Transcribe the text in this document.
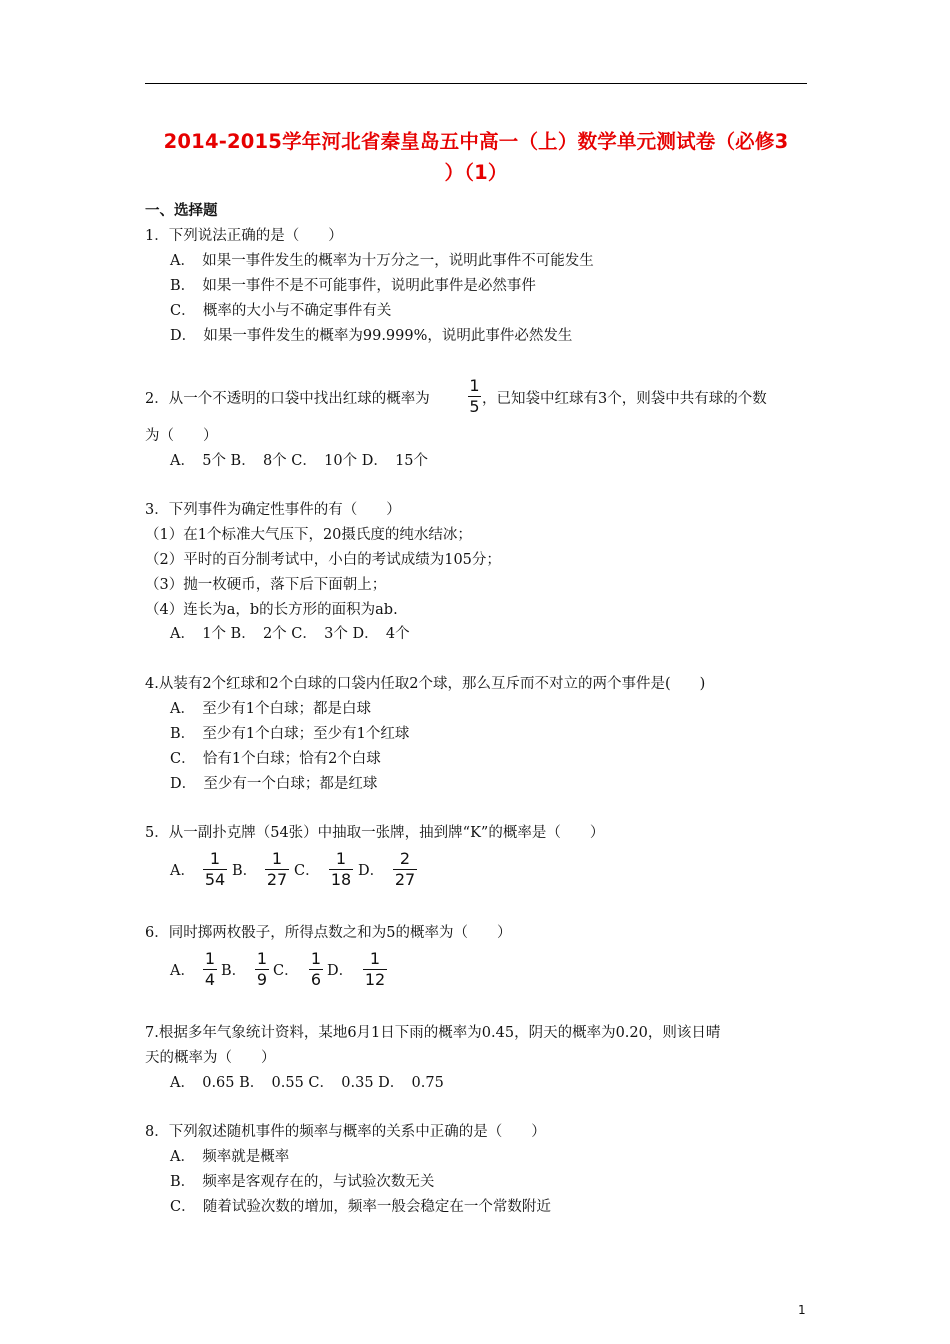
2014-2015学年河北省秦皇岛五中高一（上）数学单元测试卷（必修3
）（1）
一、选择题
1．下列说法正确的是（　　）
A．　如果一事件发生的概率为十万分之一，说明此事件不可能发生
B．　如果一事件不是不可能事件，说明此事件是必然事件
C．　概率的大小与不确定事件有关
D．　如果一事件发生的概率为99.999%，说明此事件必然发生
2．从一个不透明的口袋中找出红球的概率为
1
5 ，已知袋中红球有3个，则袋中共有球的个数
为（　　）
A．　5个 B．　8个 C．　10个 D．　15个
3．下列事件为确定性事件的有（　　）
（1）在1个标准大气压下，20摄氏度的纯水结冰；
（2）平时的百分制考试中，小白的考试成绩为105分；
（3）抛一枚硬币，落下后下面朝上；
（4）连长为a，b的长方形的面积为ab.
A．　1个 B．　2个 C．　3个 D．　4个
4.从装有2个红球和2个白球的口袋内任取2个球，那么互斥而不对立的两个事件是(　　)
A．　至少有1个白球；都是白球
B．　至少有1个白球；至少有1个红球
C．　恰有1个白球；恰有2个白球
D．　至少有一个白球；都是红球
5．从一副扑克牌（54张）中抽取一张牌，抽到牌“K”的概率是（　　）
A．
1
54 B．
1
27 C．
1
18 D．
2
27
6．同时掷两枚骰子，所得点数之和为5的概率为（　　）
A．
1
4 B．
1
9 C．
1
6 D．
1
12
7.根据多年气象统计资料，某地6月1日下雨的概率为0.45，阴天的概率为0.20，则该日晴
天的概率为（　　）
A．　0.65 B．　0.55 C．　0.35 D．　0.75
8．下列叙述随机事件的频率与概率的关系中正确的是（　　）
A．　频率就是概率
B．　频率是客观存在的，与试验次数无关
C．　随着试验次数的增加，频率一般会稳定在一个常数附近
1
